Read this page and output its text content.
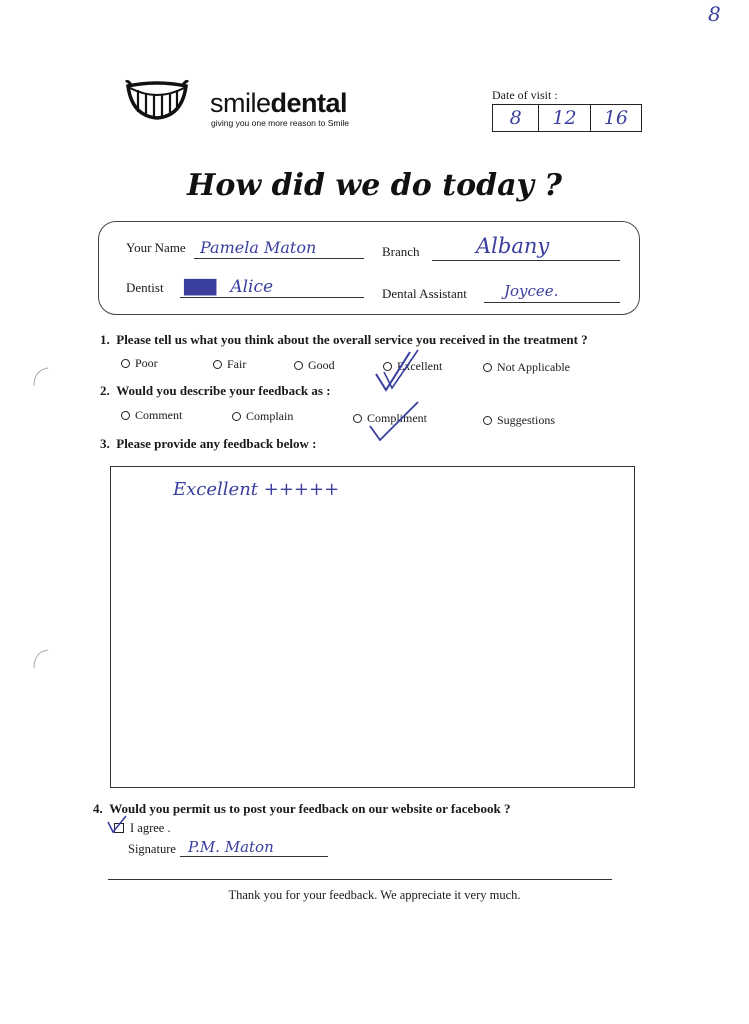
8
smiledental
giving you one more reason to Smile
Date of visit :
8	12	16
How did we do today ?
Your Name Pamela Maton	Branch	Albany
Dentist ███ Alice	Dental Assistant	Joycee.
1. Please tell us what you think about the overall service you received in the treatment ?
Poor	Fair	Good	Excellent	Not Applicable
2. Would you describe your feedback as :
Comment	Complain	Compliment	Suggestions
3. Please provide any feedback below :
Excellent +++++
4. Would you permit us to post your feedback on our website or facebook ?
I agree .
Signature P.M. Maton
Thank you for your feedback. We appreciate it very much.
